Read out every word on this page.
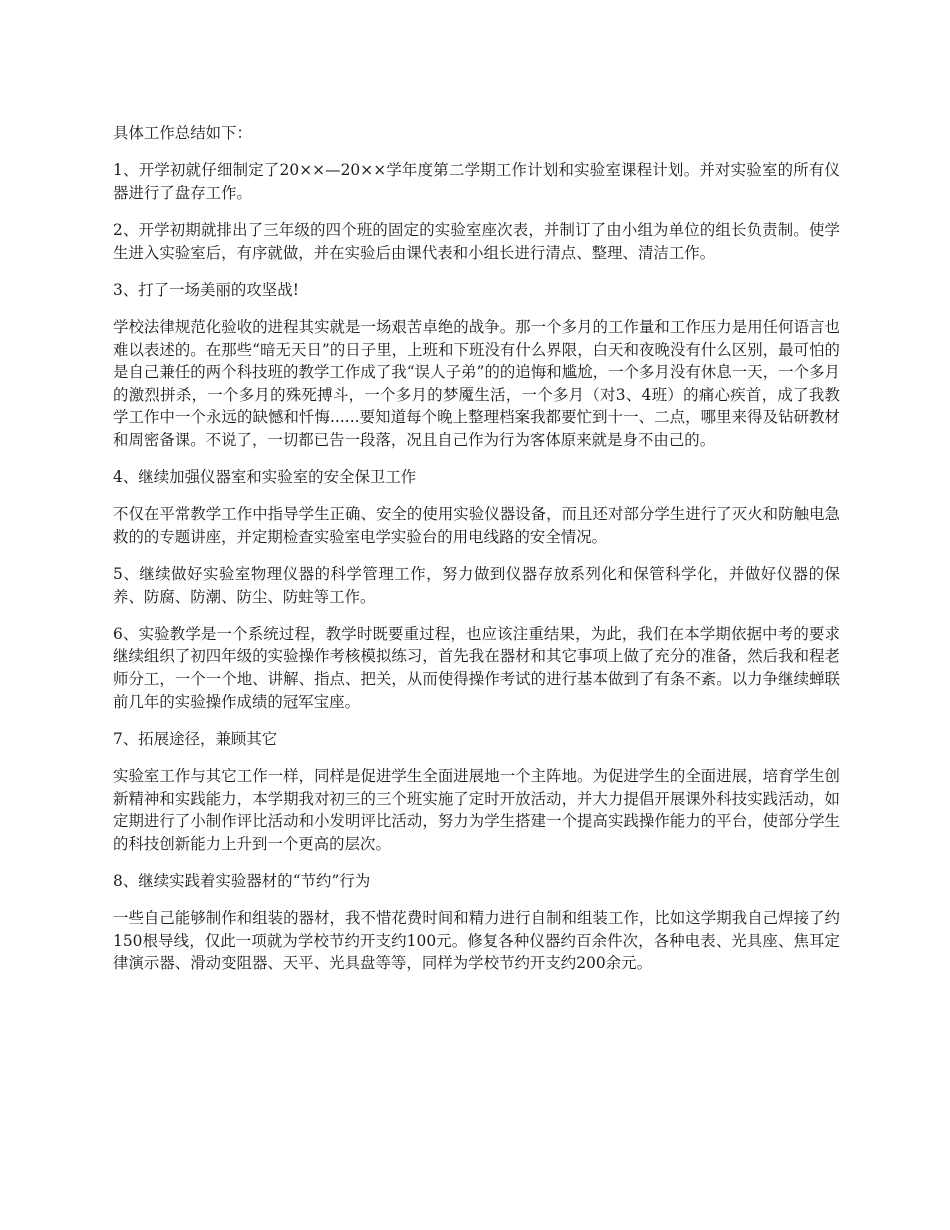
具体工作总结如下：

1、开学初就仔细制定了20××—20××学年度第二学期工作计划和实验室课程计划。并对实验室的所有仪器进行了盘存工作。

2、开学初期就排出了三年级的四个班的固定的实验室座次表，并制订了由小组为单位的组长负责制。使学生进入实验室后，有序就做，并在实验后由课代表和小组长进行清点、整理、清洁工作。

3、打了一场美丽的攻坚战!

学校法律规范化验收的进程其实就是一场艰苦卓绝的战争。那一个多月的工作量和工作压力是用任何语言也难以表述的。在那些“暗无天日”的日子里，上班和下班没有什么界限，白天和夜晚没有什么区别，最可怕的是自己兼任的两个科技班的教学工作成了我“误人子弟”的的追悔和尴尬，一个多月没有休息一天，一个多月的激烈拼杀，一个多月的殊死搏斗，一个多月的梦魇生活，一个多月（对3、4班）的痛心疾首，成了我教学工作中一个永远的缺憾和忏悔......要知道每个晚上整理档案我都要忙到十一、二点，哪里来得及钻研教材和周密备课。不说了，一切都已告一段落，况且自己作为行为客体原来就是身不由己的。

4、继续加强仪器室和实验室的安全保卫工作

不仅在平常教学工作中指导学生正确、安全的使用实验仪器设备，而且还对部分学生进行了灭火和防触电急救的的专题讲座，并定期检查实验室电学实验台的用电线路的安全情况。

5、继续做好实验室物理仪器的科学管理工作，努力做到仪器存放系列化和保管科学化，并做好仪器的保养、防腐、防潮、防尘、防蛀等工作。

6、实验教学是一个系统过程，教学时既要重过程，也应该注重结果，为此，我们在本学期依据中考的要求继续组织了初四年级的实验操作考核模拟练习，首先我在器材和其它事项上做了充分的准备，然后我和程老师分工，一个一个地、讲解、指点、把关，从而使得操作考试的进行基本做到了有条不紊。以力争继续蝉联前几年的实验操作成绩的冠军宝座。

7、拓展途径，兼顾其它

实验室工作与其它工作一样，同样是促进学生全面进展地一个主阵地。为促进学生的全面进展，培育学生创新精神和实践能力，本学期我对初三的三个班实施了定时开放活动，并大力提倡开展课外科技实践活动，如定期进行了小制作评比活动和小发明评比活动，努力为学生搭建一个提高实践操作能力的平台，使部分学生的科技创新能力上升到一个更高的层次。

8、继续实践着实验器材的“节约”行为

一些自己能够制作和组装的器材，我不惜花费时间和精力进行自制和组装工作，比如这学期我自己焊接了约150根导线，仅此一项就为学校节约开支约100元。修复各种仪器约百余件次，各种电表、光具座、焦耳定律演示器、滑动变阻器、天平、光具盘等等，同样为学校节约开支约200余元。
